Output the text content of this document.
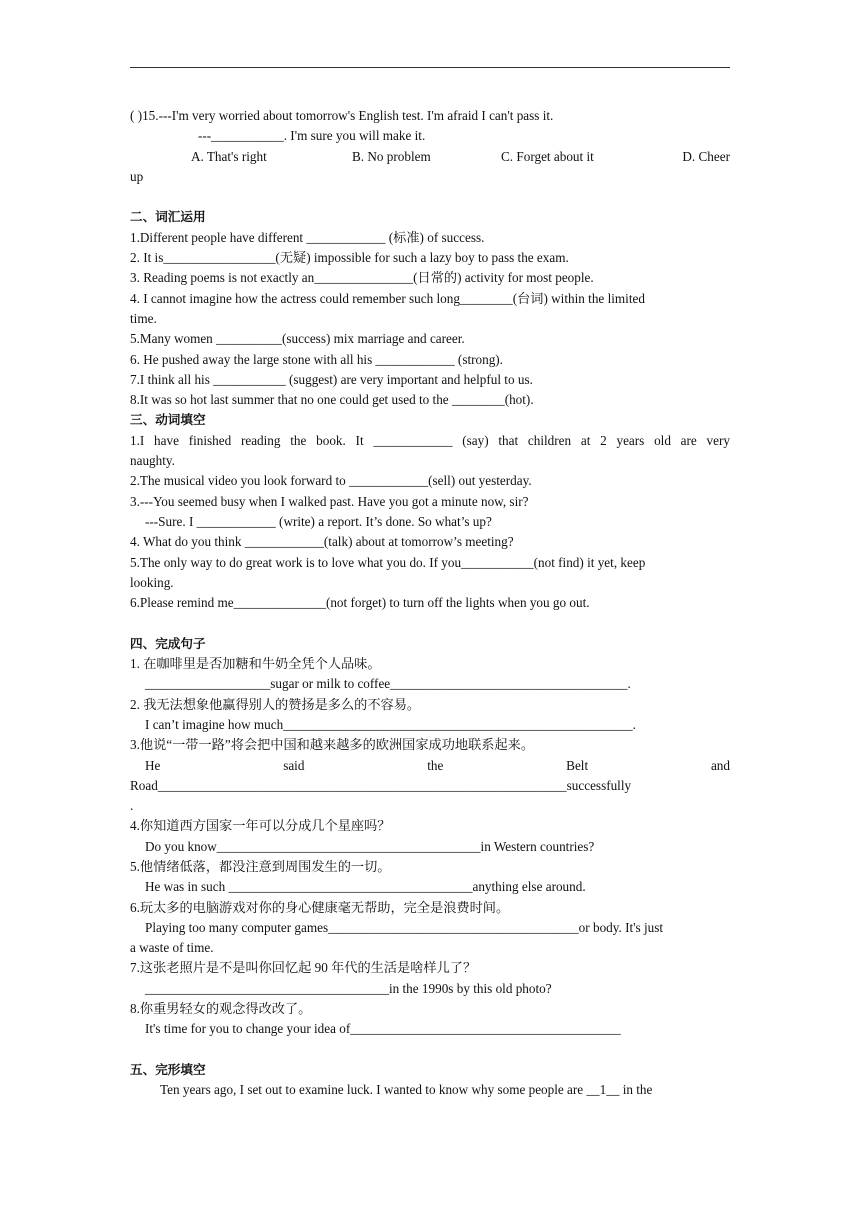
( )15.---I'm very worried about tomorrow's English test. I'm afraid I can't pass it.
---___________. I'm sure you will make it.
A. That's right	B. No problem	C. Forget about it	D. Cheer
up
二、词汇运用
1.Different people have different ____________ (标准) of success.
2. It is_________________(无疑) impossible for such a lazy boy to pass the exam.
3. Reading poems is not exactly an_______________(日常的) activity for most people.
4. I cannot imagine how the actress could remember such long________(台词) within the limited
time.
5.Many women __________(success) mix marriage and career.
6. He pushed away the large stone with all his ____________ (strong).
7.I think all his ___________ (suggest) are very important and helpful to us.
8.It was so hot last summer that no one could get used to the ________(hot).
三、动词填空
1.I have finished reading the book. It ____________ (say) that children at 2 years old are very
naughty.
2.The musical video you look forward to ____________(sell) out yesterday.
3.---You seemed busy when I walked past. Have you got a minute now, sir?
---Sure. I ____________ (write) a report. It’s done. So what’s up?
4. What do you think ____________(talk) about at tomorrow’s meeting?
5.The only way to do great work is to love what you do. If you___________(not find) it yet, keep
looking.
6.Please remind me______________(not forget) to turn off the lights when you go out.
四、完成句子
1. 在咖啡里是否加糖和牛奶全凭个人品味。
___________________sugar or milk to coffee____________________________________.
2. 我无法想象他赢得别人的赞扬是多么的不容易。
I can’t imagine how much_____________________________________________________.
3.他说“一带一路”将会把中国和越来越多的欧洲国家成功地联系起来。
He	said	the	Belt	and
Road______________________________________________________________successfully
.
4.你知道西方国家一年可以分成几个星座吗？
Do you know________________________________________in Western countries?
5.他情绪低落，都没注意到周围发生的一切。
He was in such _____________________________________anything else around.
6.玩太多的电脑游戏对你的身心健康毫无帮助，完全是浪费时间。
Playing too many computer games______________________________________or body. It's just
a waste of time.
7.这张老照片是不是叫你回忆起 90 年代的生活是啥样儿了？
_____________________________________in the 1990s by this old photo?
8.你重男轻女的观念得改改了。
It's time for you to change your idea of_________________________________________
五、完形填空
Ten years ago, I set out to examine luck. I wanted to know why some people are __1__ in the
